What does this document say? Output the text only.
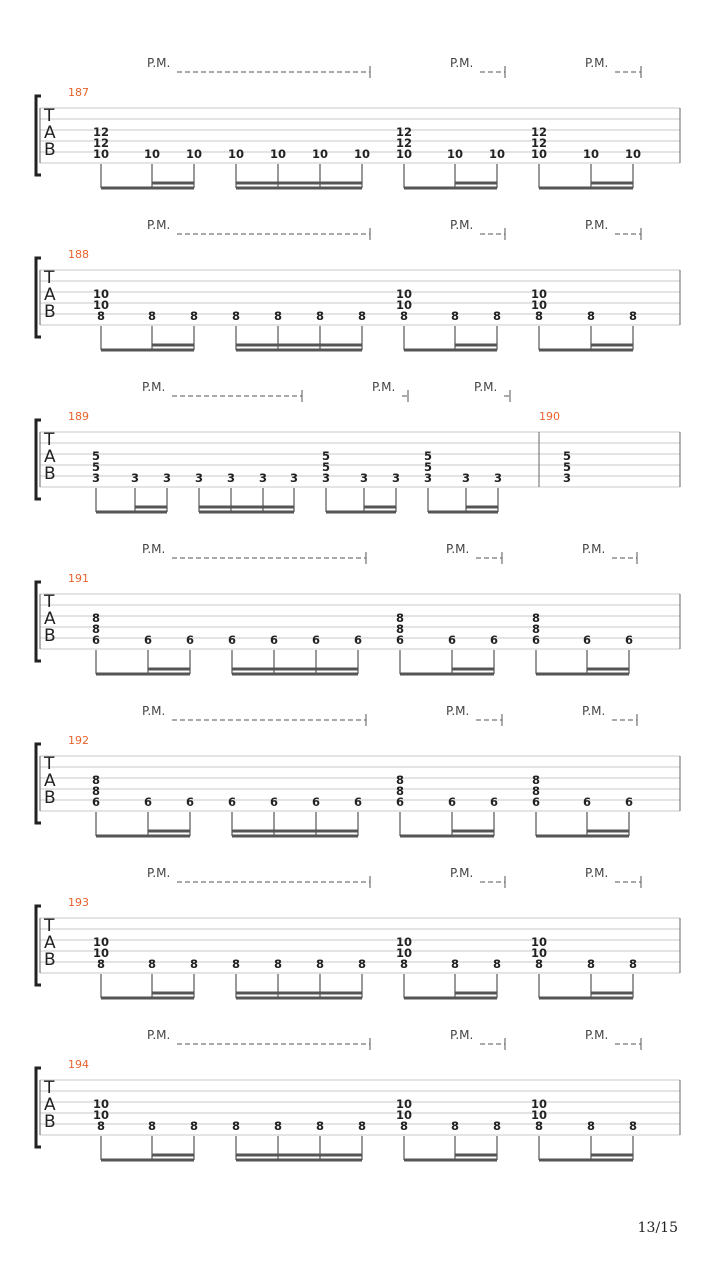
P.M.	P.M.	P.M.
T
A
B
187
12
12
10	10 10 10 10 10 10
12
12
10	10 10
12
12
10	10 10
P.M.	P.M.	P.M.
T
A
B
188
10
10
8	8	8	8	8	8	8
10
10
8	8	8
10
10
8	8	8
P.M.	P.M.	P.M.
T
A
B
189	190
5
5
3	3 3 3 3 3 3
5
5
3	3 3
5
5
3	3 3
5
5
3
P.M.	P.M.	P.M.
T
A
B
191
8
8
6	6	6	6	6	6	6
8
8
6	6	6
8
8
6	6	6
P.M.	P.M.	P.M.
T
A
B
192
8
8
6	6	6	6	6	6	6
8
8
6	6	6
8
8
6	6	6
P.M.	P.M.	P.M.
T
A
B
193
10
10
8	8	8	8	8	8	8
10
10
8	8	8
10
10
8	8	8
P.M.	P.M.	P.M.
T
A
B
194
10
10
8	8	8	8	8	8	8
10
10
8	8	8
10
10
8	8	8
13/15
